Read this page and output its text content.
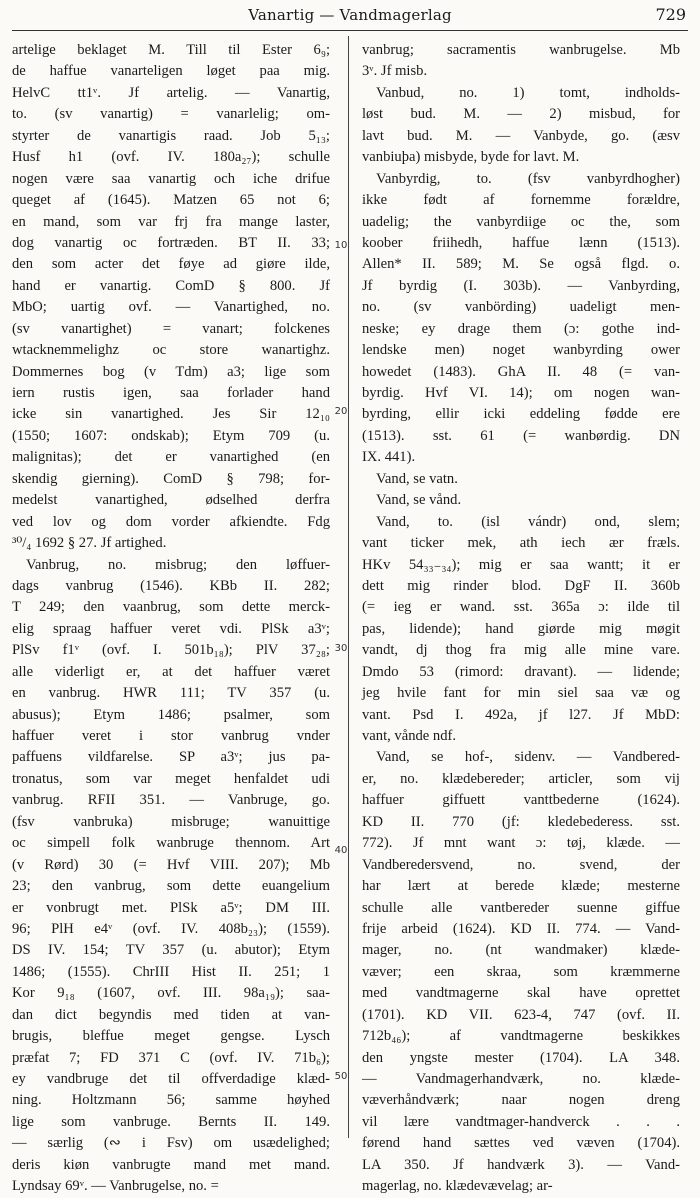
Vanartig — Vandmagerlag	729
artelige beklaget M. Till til Ester 6₉;
de haffue vanarteligen løget paa mig.
HelvC tt1ᵛ. Jf artelig. — Vanartig,
to. (sv vanartig) = vanarlelig; om-
styrter de vanartigis raad. Job 5₁₃;
Husf h1 (ovf. IV. 180a₂₇); schulle
nogen være saa vanartig och iche drifue
queget af (1645). Matzen 65 not 6;
en mand, som var frj fra mange laster,
dog vanartig oc fortræden. BT II. 33;
den som acter det føye ad giøre ilde,
hand er vanartig. ComD § 800. Jf
MbO; uartig ovf. — Vanartighed, no.
(sv vanartighet) = vanart; folckenes
wtacknemmelighz oc store wanartighz.
Dommernes bog (v Tdm) a3; lige som
iern rustis igen, saa forlader hand
icke sin vanartighed. Jes Sir 12₁₀
(1550; 1607: ondskab); Etym 709 (u.
malignitas); det er vanartighed (en
skendig gierning). ComD § 798; for-
medelst vanartighed, ødselhed derfra
ved lov og dom vorder afkiendte. Fdg
³⁰/₄ 1692 § 27. Jf artighed.
Vanbrug, no. misbrug; den løffuer-
dags vanbrug (1546). KBb II. 282;
T 249; den vaanbrug, som dette merck-
elig spraag haffuer veret vdi. PlSk a3ᵛ;
PlSv f1ᵛ (ovf. I. 501b₁₈); PlV 37₂₈;
alle viderligt er, at det haffuer været
en vanbrug. HWR 111; TV 357 (u.
abusus); Etym 1486; psalmer, som
haffuer veret i stor vanbrug vnder
paffuens vildfarelse. SP a3ᵛ; jus pa-
tronatus, som var meget henfaldet udi
vanbrug. RFII 351. — Vanbruge, go.
(fsv vanbruka) misbruge; wanuittige
oc simpell folk wanbruge thennom. Art
(v Rørd) 30 (= Hvf VIII. 207); Mb
23; den vanbrug, som dette euangelium
er vonbrugt met. PlSk a5ᵛ; DM III.
96; PlH e4ᵛ (ovf. IV. 408b₂₃); (1559).
DS IV. 154; TV 357 (u. abutor); Etym
1486; (1555). ChrIII Hist II. 251; 1
Kor 9₁₈ (1607, ovf. III. 98a₁₉); saa-
dan dict begyndis med tiden at van-
brugis, bleffue meget gengse. Lysch
præfat 7; FD 371 C (ovf. IV. 71b₆);
ey vandbruge det til offverdadige klæd-
ning. Holtzmann 56; samme høyhed
lige som vanbruge. Bernts II. 149.
— særlig (∾ i Fsv) om usædelighed;
deris kiøn vanbrugte mand met mand.
Lyndsay 69ᵛ. — Vanbrugelse, no. =
vanbrug; sacramentis wanbrugelse. Mb
3ᵛ. Jf misb.
Vanbud, no. 1) tomt, indholds-
løst bud. M. — 2) misbud, for
lavt bud. M. — Vanbyde, go. (æsv
vanbiuþa) misbyde, byde for lavt. M.
Vanbyrdig, to. (fsv vanbyrdhogher)
ikke født af fornemme forældre,
uadelig; the vanbyrdiige oc the, som
koober friihedh, haffue lænn (1513).
Allen* II. 589; M. Se også flgd. o.
Jf byrdig (I. 303b). — Vanbyrding,
no. (sv vanbörding) uadeligt men-
neske; ey drage them (ɔ: gothe ind-
lendske men) noget wanbyrding ower
howedet (1483). GhA II. 48 (= van-
byrdig. Hvf VI. 14); om nogen wan-
byrding, ellir icki eddeling fødde ere
(1513). sst. 61 (= wanbørdig. DN
IX. 441).
Vand, se vatn.
Vand, se vånd.
Vand, to. (isl vándr) ond, slem;
vant ticker mek, ath iech ær fræls.
HKv 54₃₃₋₃₄); mig er saa wantt; it er
dett mig rinder blod. DgF II. 360b
(= ieg er wand. sst. 365a ɔ: ilde til
pas, lidende); hand giørde mig møgit
vandt, dj thog fra mig alle mine vare.
Dmdo 53 (rimord: dravant). — lidende;
jeg hvile fant for min siel saa væ og
vant. Psd I. 492a, jf l27. Jf MbD:
vant, vånde ndf.
Vand, se hof-, sidenv. — Vandbered-
er, no. klædebereder; articler, som vij
haffuer giffuett vanttbederne (1624).
KD II. 770 (jf: kledebederess. sst.
772). Jf mnt want ɔ: tøj, klæde. —
Vandberedersvend, no. svend, der
har lært at berede klæde; mesterne
schulle alle vantbereder suenne giffue
frije arbeid (1624). KD II. 774. — Vand-
mager, no. (nt wandmaker) klæde-
væver; een skraa, som kræmmerne
med vandtmagerne skal have oprettet
(1701). KD VII. 623-4, 747 (ovf. II.
712b₄₆); af vandtmagerne beskikkes
den yngste mester (1704). LA 348.
— Vandmagerhandværk, no. klæde-
væverhåndværk; naar nogen dreng
vil lære vandtmager-handverck . . .
førend hand sættes ved væven (1704).
LA 350. Jf handværk 3). — Vand-
magerlag, no. klædevævelag; ar-
10
20
30
40
50
